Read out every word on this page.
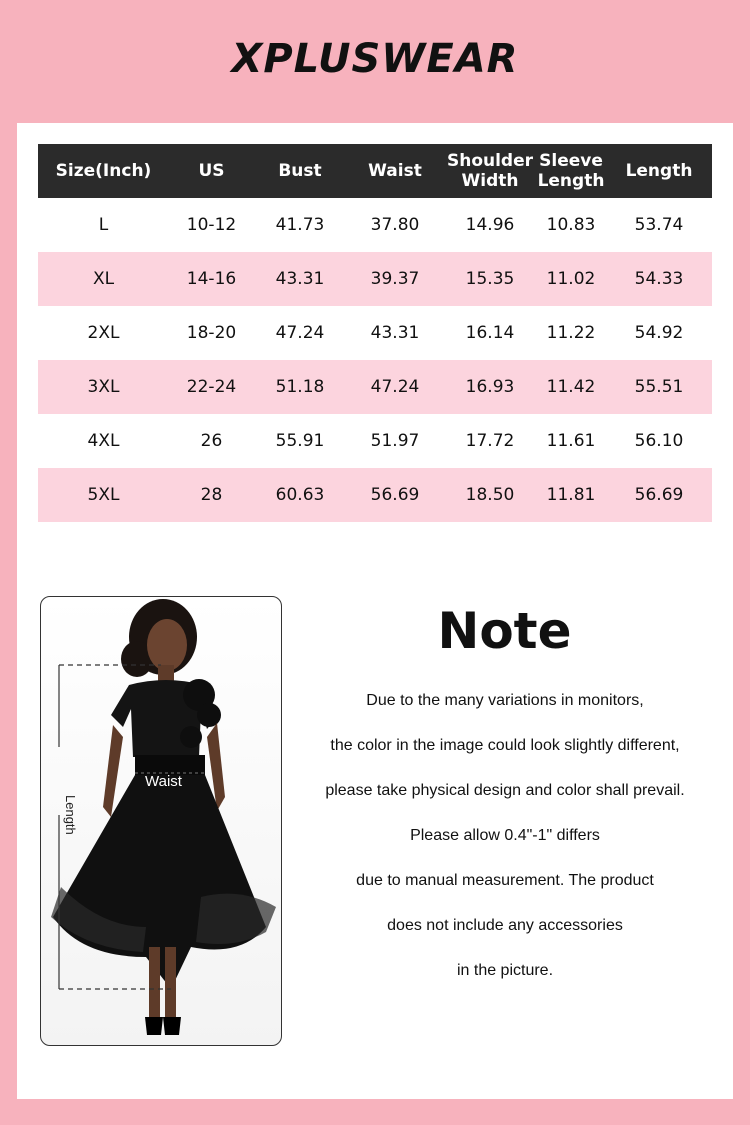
XPLUSWEAR
Size(Inch)	US	Bust	Waist	Shoulder Width	Sleeve Length	Length
L	10-12	41.73	37.80	14.96	10.83	53.74
XL	14-16	43.31	39.37	15.35	11.02	54.33
2XL	18-20	47.24	43.31	16.14	11.22	54.92
3XL	22-24	51.18	47.24	16.93	11.42	55.51
4XL	26	55.91	51.97	17.72	11.61	56.10
5XL	28	60.63	56.69	18.50	11.81	56.69
Length
Waist
Note
Due to the many variations in monitors,
the color in the image could look slightly different,
please take physical design and color shall prevail.
Please allow 0.4"-1" differs
due to manual measurement. The product
does not include any accessories
in the picture.
